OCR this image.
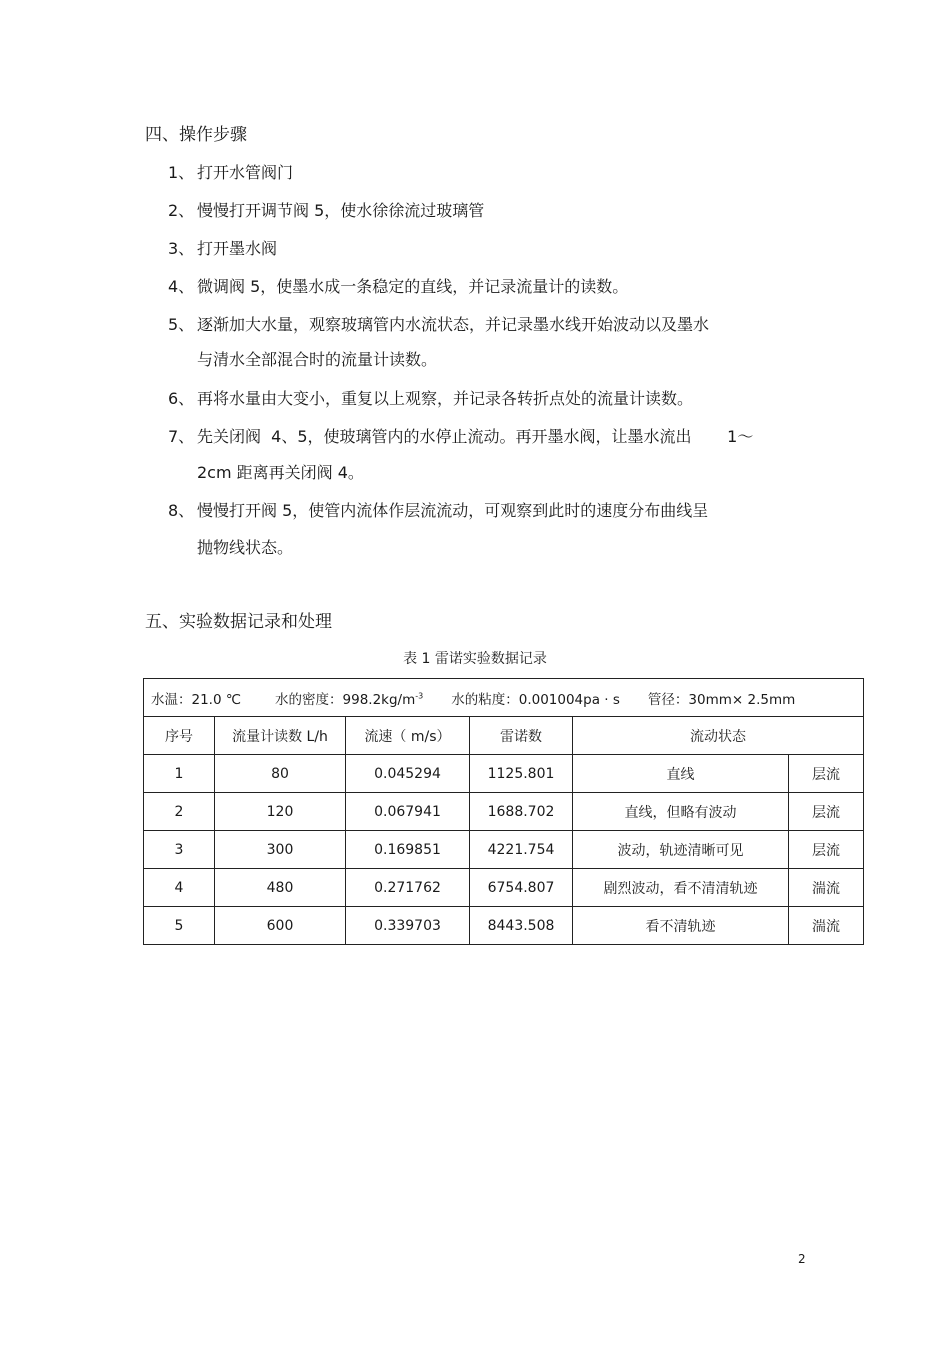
四、操作步骤
1、 打开水管阀门
2、 慢慢打开调节阀 5，使水徐徐流过玻璃管
3、 打开墨水阀
4、 微调阀 5，使墨水成一条稳定的直线，并记录流量计的读数。
5、 逐渐加大水量，观察玻璃管内水流状态，并记录墨水线开始波动以及墨水
与清水全部混合时的流量计读数。
6、 再将水量由大变小，重复以上观察，并记录各转折点处的流量计读数。
7、 先关闭阀  4、5，使玻璃管内的水停止流动。再开墨水阀，让墨水流出       1～
2cm 距离再关闭阀 4。
8、 慢慢打开阀 5，使管内流体作层流流动，可观察到此时的速度分布曲线呈
抛物线状态。
五、实验数据记录和处理
表 1 雷诺实验数据记录
水温：21.0 ℃ 水的密度：$998.2kg/m^{-3}$ 水的粘度：0.001004pa · s 管径：30mm× 2.5mm					
序号	流量计读数 L/h	流速（ m/s）	雷诺数	流动状态	
1	80	0.045294	1125.801	直线	层流
2	120	0.067941	1688.702	直线，但略有波动	层流
3	300	0.169851	4221.754	波动，轨迹清晰可见	层流
4	480	0.271762	6754.807	剧烈波动，看不清清轨迹	湍流
5	600	0.339703	8443.508	看不清轨迹	湍流
2
